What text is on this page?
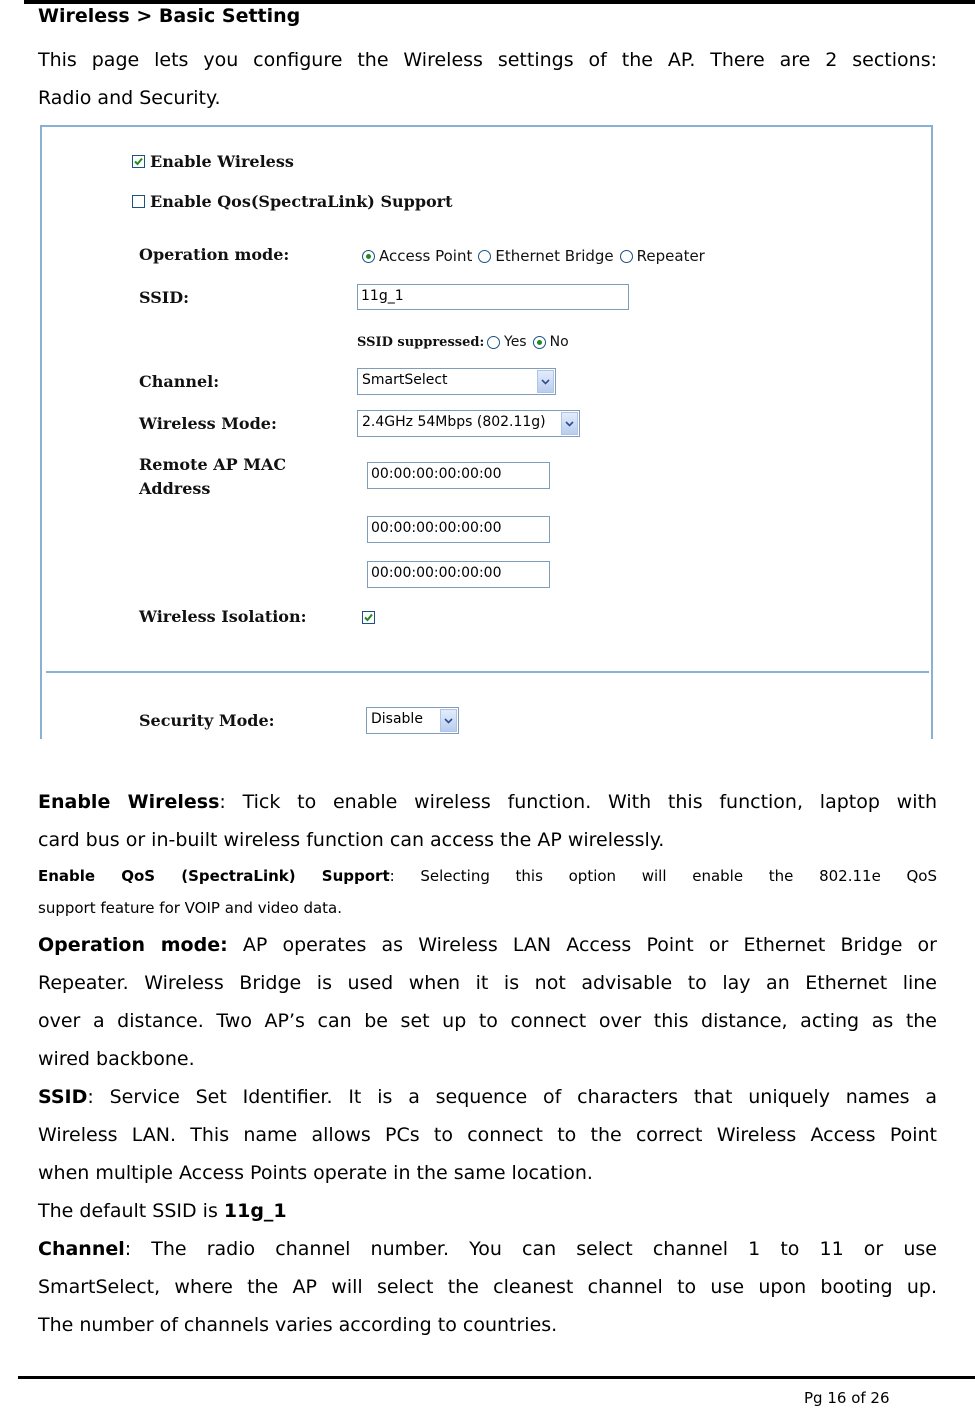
Wireless > Basic Setting
This page lets you configure the Wireless settings of the AP. There are 2 sections:
Radio and Security.
Enable Wireless
Enable Qos(SpectraLink) Support
Operation mode:	Access Point Ethernet Bridge Repeater
SSID:	11g_1
SSID suppressed: Yes No
Channel:	SmartSelect
Wireless Mode:	2.4GHz 54Mbps (802.11g)
Remote AP MAC
Address
00:00:00:00:00:00
00:00:00:00:00:00
00:00:00:00:00:00
Wireless Isolation:
Security Mode:	Disable
Enable Wireless: Tick to enable wireless function. With this function, laptop with
card bus or in-built wireless function can access the AP wirelessly.
Enable QoS (SpectraLink) Support: Selecting this option will enable the 802.11e QoS
support feature for VOIP and video data.
Operation mode: AP operates as Wireless LAN Access Point or Ethernet Bridge or
Repeater. Wireless Bridge is used when it is not advisable to lay an Ethernet line
over a distance. Two AP’s can be set up to connect over this distance, acting as the
wired backbone.
SSID: Service Set Identifier. It is a sequence of characters that uniquely names a
Wireless LAN. This name allows PCs to connect to the correct Wireless Access Point
when multiple Access Points operate in the same location.
The default SSID is 11g_1
Channel: The radio channel number. You can select channel 1 to 11 or use
SmartSelect, where the AP will select the cleanest channel to use upon booting up.
The number of channels varies according to countries.
Pg 16 of 26
